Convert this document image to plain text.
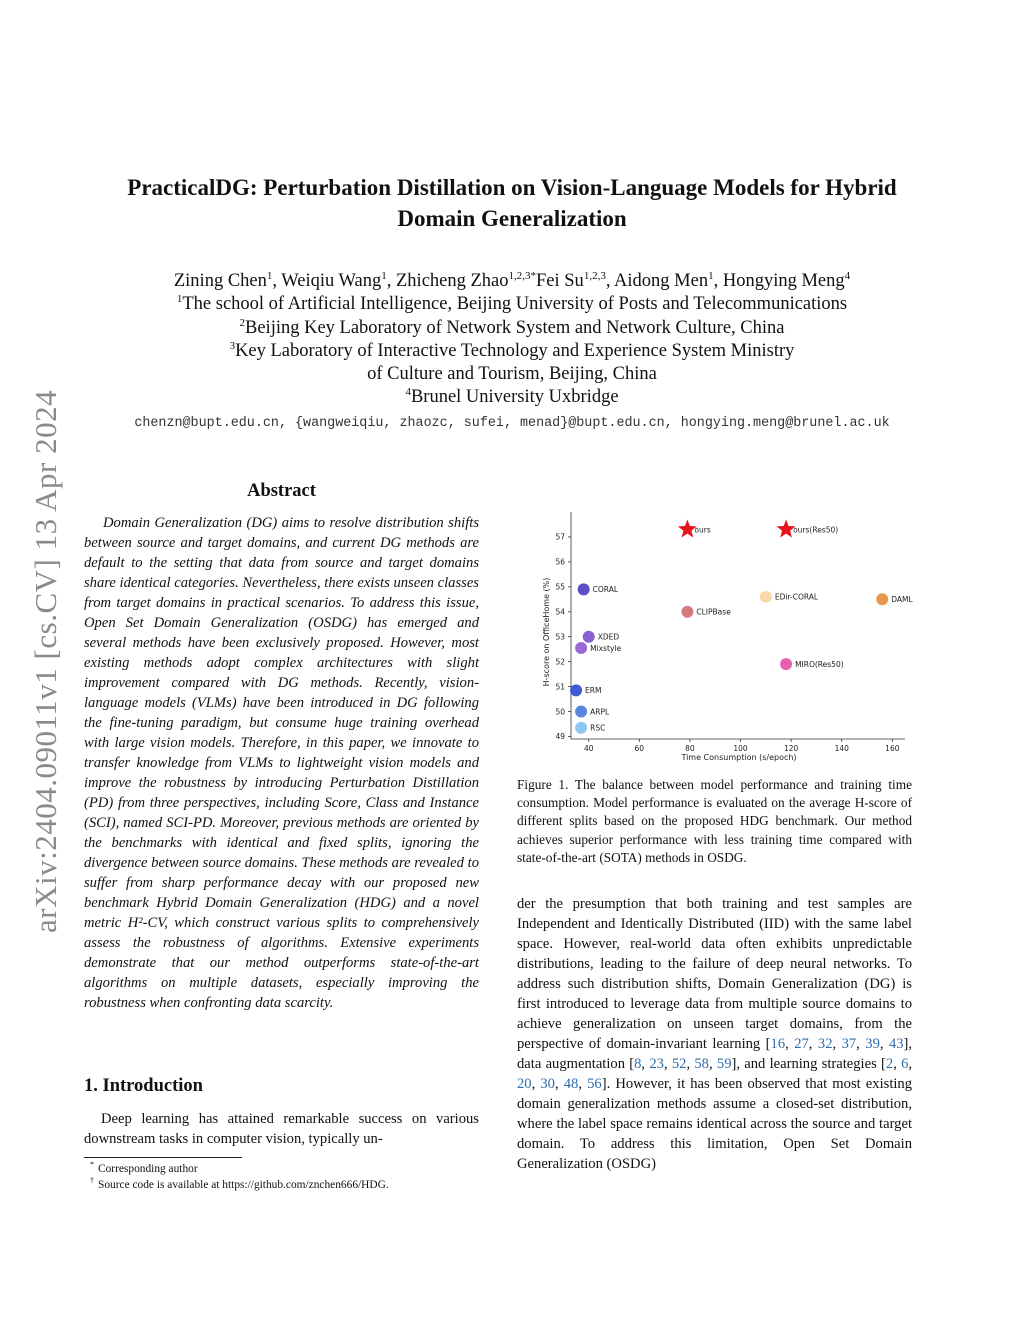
arXiv:2404.09011v1 [cs.CV] 13 Apr 2024
PracticalDG: Perturbation Distillation on Vision-Language Models for Hybrid
Domain Generalization
Zining Chen$^1$, Weiqiu Wang$^1$, Zhicheng Zhao$^{1,2,3*}$Fei Su$^{1,2,3}$, Aidong Men$^1$, Hongying Meng$^4$
$^1$The school of Artificial Intelligence, Beijing University of Posts and Telecommunications
$^2$Beijing Key Laboratory of Network System and Network Culture, China
$^3$Key Laboratory of Interactive Technology and Experience System Ministry
of Culture and Tourism, Beijing, China
$^4$Brunel University Uxbridge
chenzn@bupt.edu.cn, {wangweiqiu, zhaozc, sufei, menad}@bupt.edu.cn, hongying.meng@brunel.ac.uk
Abstract
Domain Generalization (DG) aims to resolve distribution shifts between source and target domains, and current DG methods are default to the setting that data from source and target domains share identical categories. Nevertheless, there exists unseen classes from target domains in practical scenarios. To address this issue, Open Set Domain Generalization (OSDG) has emerged and several methods have been exclusively proposed. However, most existing methods adopt complex architectures with slight improvement compared with DG methods. Recently, vision-language models (VLMs) have been introduced in DG following the fine-tuning paradigm, but consume huge training overhead with large vision models. Therefore, in this paper, we innovate to transfer knowledge from VLMs to lightweight vision models and improve the robustness by introducing Perturbation Distillation (PD) from three perspectives, including Score, Class and Instance (SCI), named SCI-PD. Moreover, previous methods are oriented by the benchmarks with identical and fixed splits, ignoring the divergence between source domains. These methods are revealed to suffer from sharp performance decay with our proposed new benchmark Hybrid Domain Generalization (HDG) and a novel metric H²-CV, which construct various splits to comprehensively assess the robustness of algorithms. Extensive experiments demonstrate that our method outperforms state-of-the-art algorithms on multiple datasets, especially improving the robustness when confronting data scarcity.
1. Introduction
Deep learning has attained remarkable success on various downstream tasks in computer vision, typically un-
* Corresponding author
† Source code is available at https://github.com/znchen666/HDG.
40	60	80	100	120	140	160
49
50
51
52
53
54
55
56
57
ours	ours(Res50)
CORAL
EDir-CORAL	DAML
CLIPBase
XDED
Mixstyle
MIRO(Res50)
ERM
ARPL
RSC
Time Consumption (s/epoch)
H-score on OfficeHome (%)
Figure 1. The balance between model performance and training time consumption. Model performance is evaluated on the average H-score of different splits based on the proposed HDG benchmark. Our method achieves superior performance with less training time compared with state-of-the-art (SOTA) methods in OSDG.
der the presumption that both training and test samples are Independent and Identically Distributed (IID) with the same label space. However, real-world data often exhibits unpredictable distributions, leading to the failure of deep neural networks. To address such distribution shifts, Domain Generalization (DG) is first introduced to leverage data from multiple source domains to achieve generalization on unseen target domains, from the perspective of domain-invariant learning [16, 27, 32, 37, 39, 43], data augmentation [8, 23, 52, 58, 59], and learning strategies [2, 6, 20, 30, 48, 56]. However, it has been observed that most existing domain generalization methods assume a closed-set distribution, where the label space remains identical across the source and target domain. To address this limitation, Open Set Domain Generalization (OSDG)
